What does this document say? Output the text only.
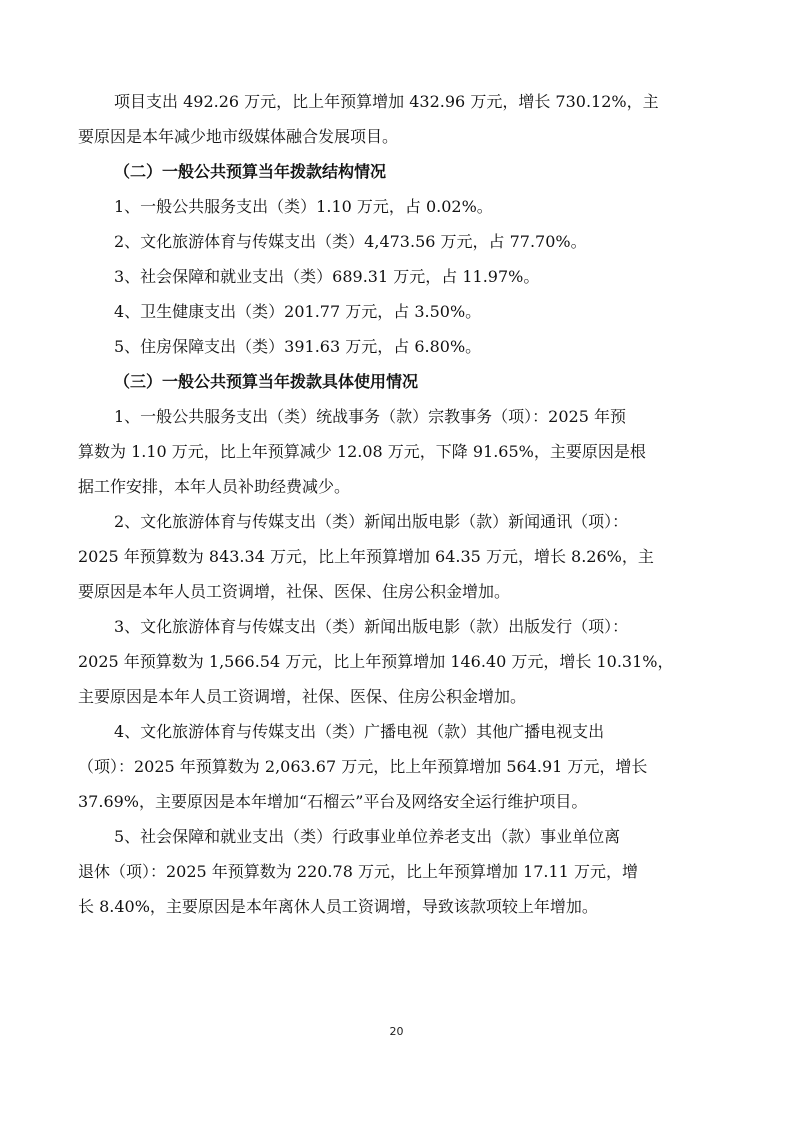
项目支出 492.26 万元，比上年预算增加 432.96 万元，增长 730.12%，主
要原因是本年减少地市级媒体融合发展项目。
（二）一般公共预算当年拨款结构情况
1、一般公共服务支出（类）1.10 万元，占 0.02%。
2、文化旅游体育与传媒支出（类）4,473.56 万元，占 77.70%。
3、社会保障和就业支出（类）689.31 万元，占 11.97%。
4、卫生健康支出（类）201.77 万元，占 3.50%。
5、住房保障支出（类）391.63 万元，占 6.80%。
（三）一般公共预算当年拨款具体使用情况
1、一般公共服务支出（类）统战事务（款）宗教事务（项）：2025 年预
算数为 1.10 万元，比上年预算减少 12.08 万元，下降 91.65%，主要原因是根
据工作安排，本年人员补助经费减少。
2、文化旅游体育与传媒支出（类）新闻出版电影（款）新闻通讯（项）：
2025 年预算数为 843.34 万元，比上年预算增加 64.35 万元，增长 8.26%，主
要原因是本年人员工资调增，社保、医保、住房公积金增加。
3、文化旅游体育与传媒支出（类）新闻出版电影（款）出版发行（项）：
2025 年预算数为 1,566.54 万元，比上年预算增加 146.40 万元，增长 10.31%，
主要原因是本年人员工资调增，社保、医保、住房公积金增加。
4、文化旅游体育与传媒支出（类）广播电视（款）其他广播电视支出
（项）：2025 年预算数为 2,063.67 万元，比上年预算增加 564.91 万元，增长
37.69%，主要原因是本年增加“石榴云”平台及网络安全运行维护项目。
5、社会保障和就业支出（类）行政事业单位养老支出（款）事业单位离
退休（项）：2025 年预算数为 220.78 万元，比上年预算增加 17.11 万元，增
长 8.40%，主要原因是本年离休人员工资调增，导致该款项较上年增加。
20
